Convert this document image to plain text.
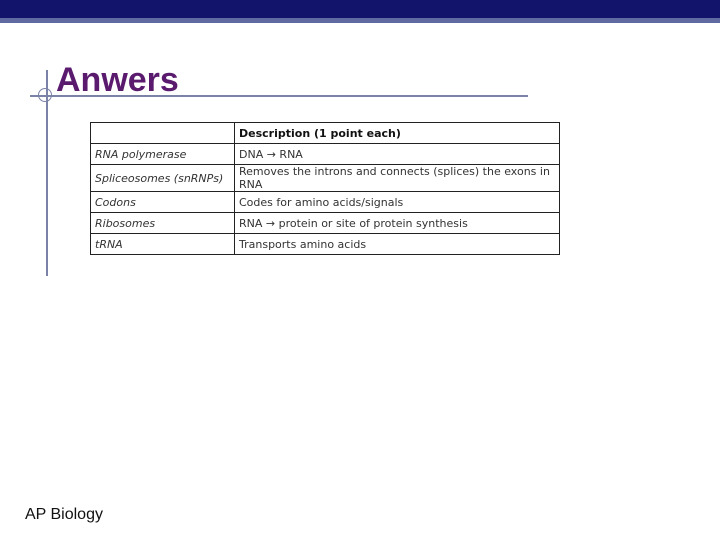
Anwers
	Description (1 point each)
RNA polymerase	DNA → RNA
Spliceosomes (snRNPs)	Removes the introns and connects (splices) the exons in RNA
Codons	Codes for amino acids/signals
Ribosomes	RNA → protein or site of protein synthesis
tRNA	Transports amino acids
AP Biology
